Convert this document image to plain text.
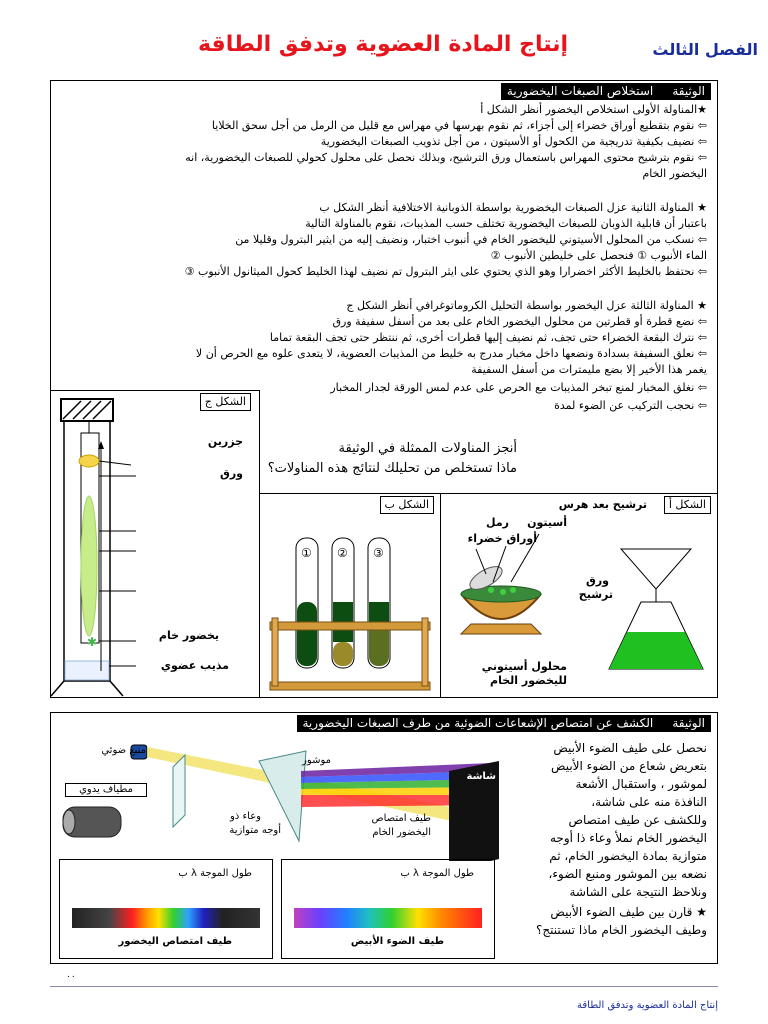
الفصل الثالث
إنتاج المادة العضوية وتدفق الطاقة
الوثيقة     استخلاص الصبغات اليخضورية
★المناولة الأولى استخلاص اليخضور أنظر الشكل أ
⇦ نقوم بتقطيع أوراق خضراء إلى أجزاء، ثم نقوم بهرسها في مهراس مع قليل من الرمل من أجل سحق الخلايا
⇦ نضيف بكيفية تدريجية من الكحول أو الأسيتون ، من أجل تذويب الصبغات اليخضورية
⇦ نقوم بترشيح محتوى المهراس باستعمال ورق الترشيح، وبذلك نحصل على محلول كحولي للصبغات اليخضورية، انه
اليخضور الخام
★ المناولة الثانية عزل الصبغات اليخضورية بواسطة الذوبانية الاختلافية أنظر الشكل ب
باعتبار أن قابلية الذوبان للصبغات اليخضورية تختلف حسب المذيبات، نقوم بالمناولة التالية
⇦ نسكب من المحلول الأسيتوني لليخضور الخام في أنبوب اختبار، ونضيف إليه من ايثير البترول وقليلا من
الماء الأنبوب ① فنحصل على خليطين الأنبوب ②
⇦ نحتفظ بالخليط الأكثر اخضرارا وهو الذي يحتوي على ايثر البترول تم نضيف لهذا الخليط كحول الميثانول الأنبوب ③
★ المناولة الثالثة عزل اليخضور بواسطة التحليل الكروماتوغرافي أنظر الشكل ج
⇦ نضع قطرة أو قطرتين من محلول اليخضور الخام على بعد من أسفل سفيفة ورق
⇦ نترك البقعة الخضراء حتى تجف، ثم نضيف إليها قطرات أخرى، ثم ننتظر حتى تجف البقعة تماما
⇦ نعلق السفيفة بسدادة ونضعها داخل مخبار مدرج به خليط من المذيبات العضوية، لا يتعدى علوه مع الحرص أن لا
يغمر هذا الأخير إلا بضع مليمترات من أسفل السفيفة
⇦ نغلق المخبار لمنع تبخر المذيبات مع الحرص على عدم لمس الورقة لجدار المخبار
⇦ نحجب التركيب عن الضوء لمدة
أنجز المناولات الممثلة في الوثيقة
ماذا تستخلص من تحليلك لنتائج هذه المناولات؟
الشكل ج
✱
جزرين
ورق
يخضور خام
مذيب عضوي
الشكل ب
① ② ③
الشكل أ
ترشيح بعد هرس
أسيتون
رمل
أوراق خضراء
ورق
ترشيح
محلول أسيتوني
لليخضور الخام
الوثيقة     الكشف عن امتصاص الإشعاعات الضوئية من طرف الصبغات اليخضورية
نحصل على طيف الضوء الأبيض
بتعريض شعاع من الضوء الأبيض
لموشور ، واستقبال الأشعة
النافذة منه على شاشة،
وللكشف عن طيف امتصاص
اليخضور الخام نملأ وعاء ذا أوجه
متوازية بمادة اليخضور الخام، ثم
نضعه بين الموشور ومنبع الضوء،
ونلاحظ النتيجة على الشاشة
★ قارن بين طيف الضوء الأبيض
وطيف اليخضور الخام ماذا تستنتج؟
منبع ضوئي
مطياف يدوي
موشور
شاشة
وعاء ذو
أوجه متوازية
طيف امتصاص
اليخضور الخام
طول الموجة λ ب
طيف امتصاص اليخضور
طول الموجة λ ب
طيف الضوء الأبيض
إنتاج المادة العضوية وتدفق الطاقة
٠٠
